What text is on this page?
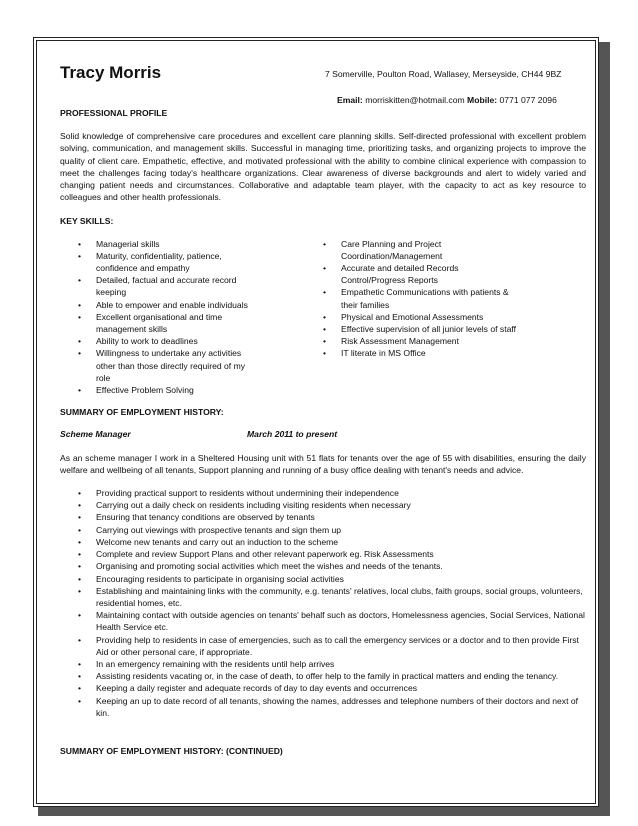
Tracy Morris	7 Somerville, Poulton Road, Wallasey, Merseyside, CH44 9BZ
Email: morriskitten@hotmail.com Mobile: 0771 077 2096

PROFESSIONAL PROFILE

Solid knowledge of comprehensive care procedures and excellent care planning skills. Self-directed professional with excellent problem solving, communication, and management skills. Successful in managing time, prioritizing tasks, and organizing projects to improve the quality of client care. Empathetic, effective, and motivated professional with the ability to combine clinical experience with compassion to meet the challenges facing today's healthcare organizations. Clear awareness of diverse backgrounds and alert to widely varied and changing patient needs and circumstances. Collaborative and adaptable team player, with the capacity to act as key resource to colleagues and other health professionals.

KEY SKILLS:

• Managerial skills
• Maturity, confidentiality, patience, confidence and empathy
• Detailed, factual and accurate record keeping
• Able to empower and enable individuals
• Excellent organisational and time management skills
• Ability to work to deadlines
• Willingness to undertake any activities other than those directly required of my role
• Effective Problem Solving
• Care Planning and Project Coordination/Management
• Accurate and detailed Records Control/Progress Reports
• Empathetic Communications with patients & their families
• Physical and Emotional Assessments
• Effective supervision of all junior levels of staff
• Risk Assessment Management
• IT literate in MS Office

SUMMARY OF EMPLOYMENT HISTORY:

Scheme Manager	March 2011 to present

As an scheme manager I work in a Sheltered Housing unit with 51 flats for tenants over the age of 55 with disabilities, ensuring the daily welfare and wellbeing of all tenants, Support planning and running of a busy office dealing with tenant's needs and advice.

• Providing practical support to residents without undermining their independence
• Carrying out a daily check on residents including visiting residents when necessary
• Ensuring that tenancy conditions are observed by tenants
• Carrying out viewings with prospective tenants and sign them up
• Welcome new tenants and carry out an induction to the scheme
• Complete and review Support Plans and other relevant paperwork eg. Risk Assessments
• Organising and promoting social activities which meet the wishes and needs of the tenants.
• Encouraging residents to participate in organising social activities
• Establishing and maintaining links with the community, e.g. tenants' relatives, local clubs, faith groups, social groups, volunteers, residential homes, etc.
• Maintaining contact with outside agencies on tenants' behalf such as doctors, Homelessness agencies, Social Services, National Health Service etc.
• Providing help to residents in case of emergencies, such as to call the emergency services or a doctor and to then provide First Aid or other personal care, if appropriate.
• In an emergency remaining with the residents until help arrives
• Assisting residents vacating or, in the case of death, to offer help to the family in practical matters and ending the tenancy.
• Keeping a daily register and adequate records of day to day events and occurrences
• Keeping an up to date record of all tenants, showing the names, addresses and telephone numbers of their doctors and next of kin.

SUMMARY OF EMPLOYMENT HISTORY: (CONTINUED)
